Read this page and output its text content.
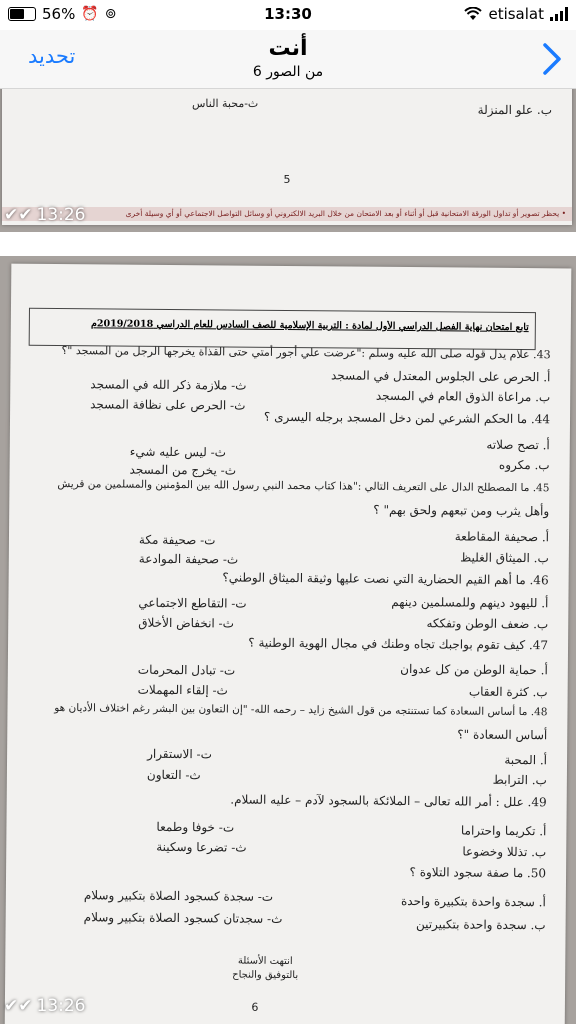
56% ⏰ ⊚	13:30	etisalat
تحديد	أنت
6 من الصور
ب. علو المنزلة
ث-محبة الناس
5
• يحظر تصوير أو تداول الورقة الامتحانية قبل أو أثناء أو بعد الامتحان من خلال البريد الالكتروني أو وسائل التواصل الاجتماعي أو أي وسيلة أخرى
✔✔ 13:26
تابع امتحان نهاية الفصل الدراسي الأول لمادة : التربية الإسلامية للصف السادس للعام الدراسي 2019/2018م
43. علام يدل قوله صلى الله عليه وسلم :"عرضت علي أجور أمتي حتى القذاة يخرجها الرجل من المسجد "؟
أ. الحرص على الجلوس المعتدل في المسجد
ث- ملازمة ذكر الله في المسجد
ب. مراعاة الذوق العام في المسجد
ث- الحرص على نظافة المسجد
44. ما الحكم الشرعي لمن دخل المسجد برجله اليسرى ؟
أ. تصح صلاته
ث- ليس عليه شيء
ب. مكروه
ث- يخرج من المسجد
45. ما المصطلح الدال على التعريف التالي :"هذا كتاب محمد النبي رسول الله بين المؤمنين والمسلمين من قريش
وأهل يثرب ومن تبعهم ولحق بهم" ؟
أ. صحيفة المقاطعة
ت- صحيفة مكة
ب. الميثاق الغليظ
ث- صحيفة الموادعة
46. ما أهم القيم الحضارية التي نصت عليها وثيقة الميثاق الوطني؟
أ. لليهود دينهم وللمسلمين دينهم
ت- التقاطع الاجتماعي
ب. ضعف الوطن وتفككه
ث- انخفاض الأخلاق
47. كيف تقوم بواجبك تجاه وطنك في مجال الهوية الوطنية ؟
أ. حماية الوطن من كل عدوان
ت- تبادل المحرمات
ب. كثرة العقاب
ث- إلقاء المهملات
48. ما أساس السعادة كما تستنتجه من قول الشيخ زايد – رحمه الله- "إن التعاون بين البشر رغم اختلاف الأديان هو
أساس السعادة "؟
أ. المحبة
ت- الاستقرار
ب. الترابط
ث- التعاون
49. علل : أمر الله تعالى – الملائكة بالسجود لآدم – عليه السلام.
أ. تكريما واحتراما
ت- خوفا وطمعا
ب. تذللا وخضوعا
ث- تضرعا وسكينة
50. ما صفة سجود التلاوة ؟
أ. سجدة واحدة بتكبيرة واحدة
ت- سجدة كسجود الصلاة بتكبير وسلام
ب. سجدة واحدة بتكبيرتين
ث- سجدتان كسجود الصلاة بتكبير وسلام
انتهت الأسئلة
بالتوفيق والنجاح
6
✔✔ 13:26
